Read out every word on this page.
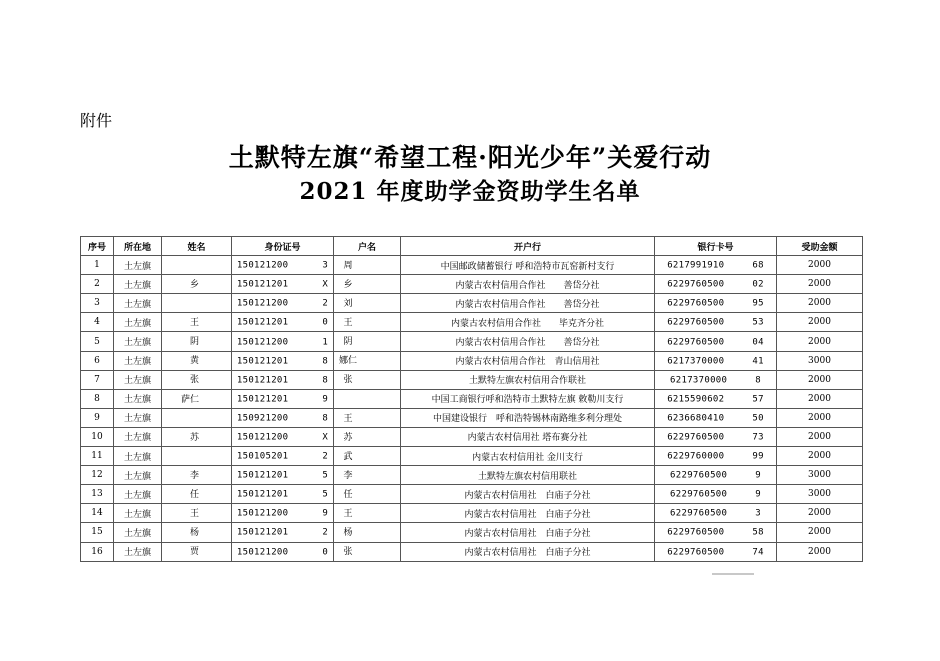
附件
土默特左旗“希望工程·阳光少年”关爱行动
2021 年度助学金资助学生名单
序号	所在地	姓名	身份证号	户名	开户行	银行卡号	受助金额
1	土左旗		150121200 3	周	中国邮政储蓄银行 呼和浩特市瓦窑新村支行	6217991910 68	2000
2	土左旗	乡	150121201 X	乡	内蒙古农村信用合作社　　善岱分社	6229760500 02	2000
3	土左旗		150121200 2	刘	内蒙古农村信用合作社　　善岱分社	6229760500 95	2000
4	土左旗	王	150121201 0	王	内蒙古农村信用合作社　　毕克齐分社	6229760500 53	2000
5	土左旗	阴	150121200 1	阴	内蒙古农村信用合作社　　善岱分社	6229760500 04	2000
6	土左旗	黄	150121201 8	娜仁	内蒙古农村信用合作社　青山信用社	6217370000 41	3000
7	土左旗	张	150121201 8	张	土默特左旗农村信用合作联社	6217370000 8	2000
8	土左旗	萨仁	150121201 9		中国工商银行呼和浩特市土默特左旗 敕勒川支行	6215590602 57	2000
9	土左旗		150921200 8	王	中国建设银行　呼和浩特锡林南路维多利分理处	6236680410 50	2000
10	土左旗	苏	150121200 X	苏	内蒙古农村信用社 塔布赛分社	6229760500 73	2000
11	土左旗		150105201 2	武	内蒙古农村信用社 金川支行	6229760000 99	2000
12	土左旗	李	150121201 5	李	土默特左旗农村信用联社	6229760500 9	3000
13	土左旗	任	150121201 5	任	内蒙古农村信用社　白庙子分社	6229760500 9	3000
14	土左旗	王	150121200 9	王	内蒙古农村信用社　白庙子分社	6229760500 3	2000
15	土左旗	杨	150121201 2	杨	内蒙古农村信用社　白庙子分社	6229760500 58	2000
16	土左旗	贾	150121200 0	张	内蒙古农村信用社　白庙子分社	6229760500 74	2000
